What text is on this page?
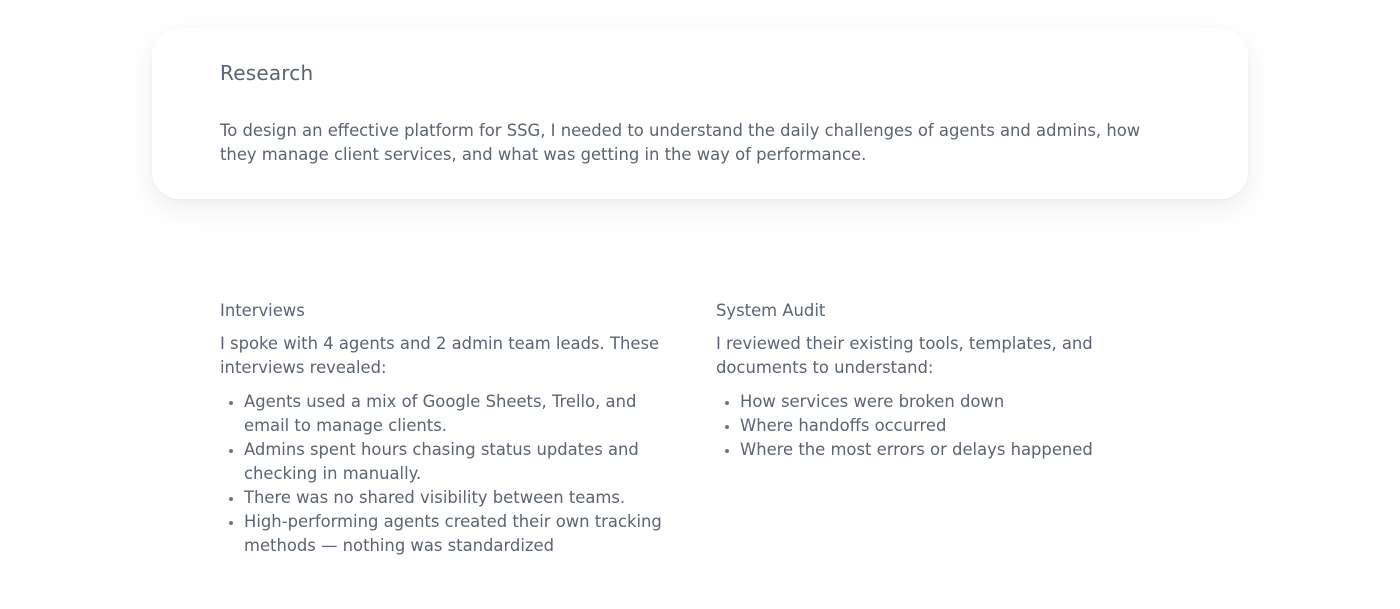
Research

To design an effective platform for SSG, I needed to understand the daily challenges of agents and admins, how they manage client services, and what was getting in the way of performance.

Interviews

I spoke with 4 agents and 2 admin team leads. These interviews revealed:

Agents used a mix of Google Sheets, Trello, and email to manage clients.
Admins spent hours chasing status updates and checking in manually.
There was no shared visibility between teams.
High-performing agents created their own tracking methods — nothing was standardized
System Audit

I reviewed their existing tools, templates, and documents to understand:

How services were broken down
Where handoffs occurred
Where the most errors or delays happened
